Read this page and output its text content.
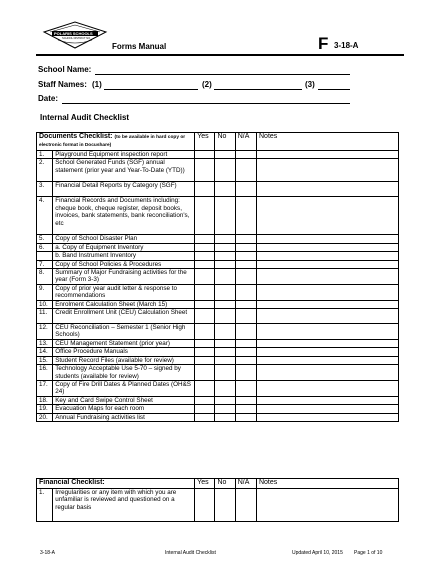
POLARIS SCHOOLS
SCHOOL DISTRICT NO.
Forms Manual	F 3-18-A
School Name:
Staff Names: (1)	(2)	(3)
Date:
Internal Audit Checklist
Documents Checklist: (to be available in hard copy or electronic format in Docushare)		Yes	No	N/A	Notes
1.	Playground Equipment inspection report				
2.	School Generated Funds (SGF) annual statement (prior year and Year-To-Date (YTD))				
3.	Financial Detail Reports by Category (SGF)				
4.	Financial Records and Documents including: cheque book, cheque register, deposit books, invoices, bank statements, bank reconciliation's, etc				
5.	Copy of School Disaster Plan				
6.	a. Copy of Equipment Inventory				
	b. Band Instrument Inventory				
7.	Copy of School Policies & Procedures				
8.	Summary of Major Fundraising activities for the year (Form 3-3)				
9.	Copy of prior year audit letter & response to recommendations				
10.	Enrolment Calculation Sheet (March 15)				
11.	Credit Enrollment Unit (CEU) Calculation Sheet				
12.	CEU Reconciliation – Semester 1 (Senior High Schools)				
13.	CEU Management Statement (prior year)				
14.	Office Procedure Manuals				
15.	Student Record Files (available for review)				
16.	Technology Acceptable Use 5-70 – signed by students (available for review)				
17.	Copy of Fire Drill Dates & Planned Dates (OH&S 24)				
18.	Key and Card Swipe Control Sheet				
19.	Evacuation Maps for each room				
20.	Annual Fundraising activities list				
Financial Checklist:		Yes	No	N/A	Notes
1.	Irregularities or any item with which you are unfamiliar is reviewed and questioned on a regular basis				
3-18-A	Internal Audit Checklist	Updated April 10, 2015 Page 1 of 10
